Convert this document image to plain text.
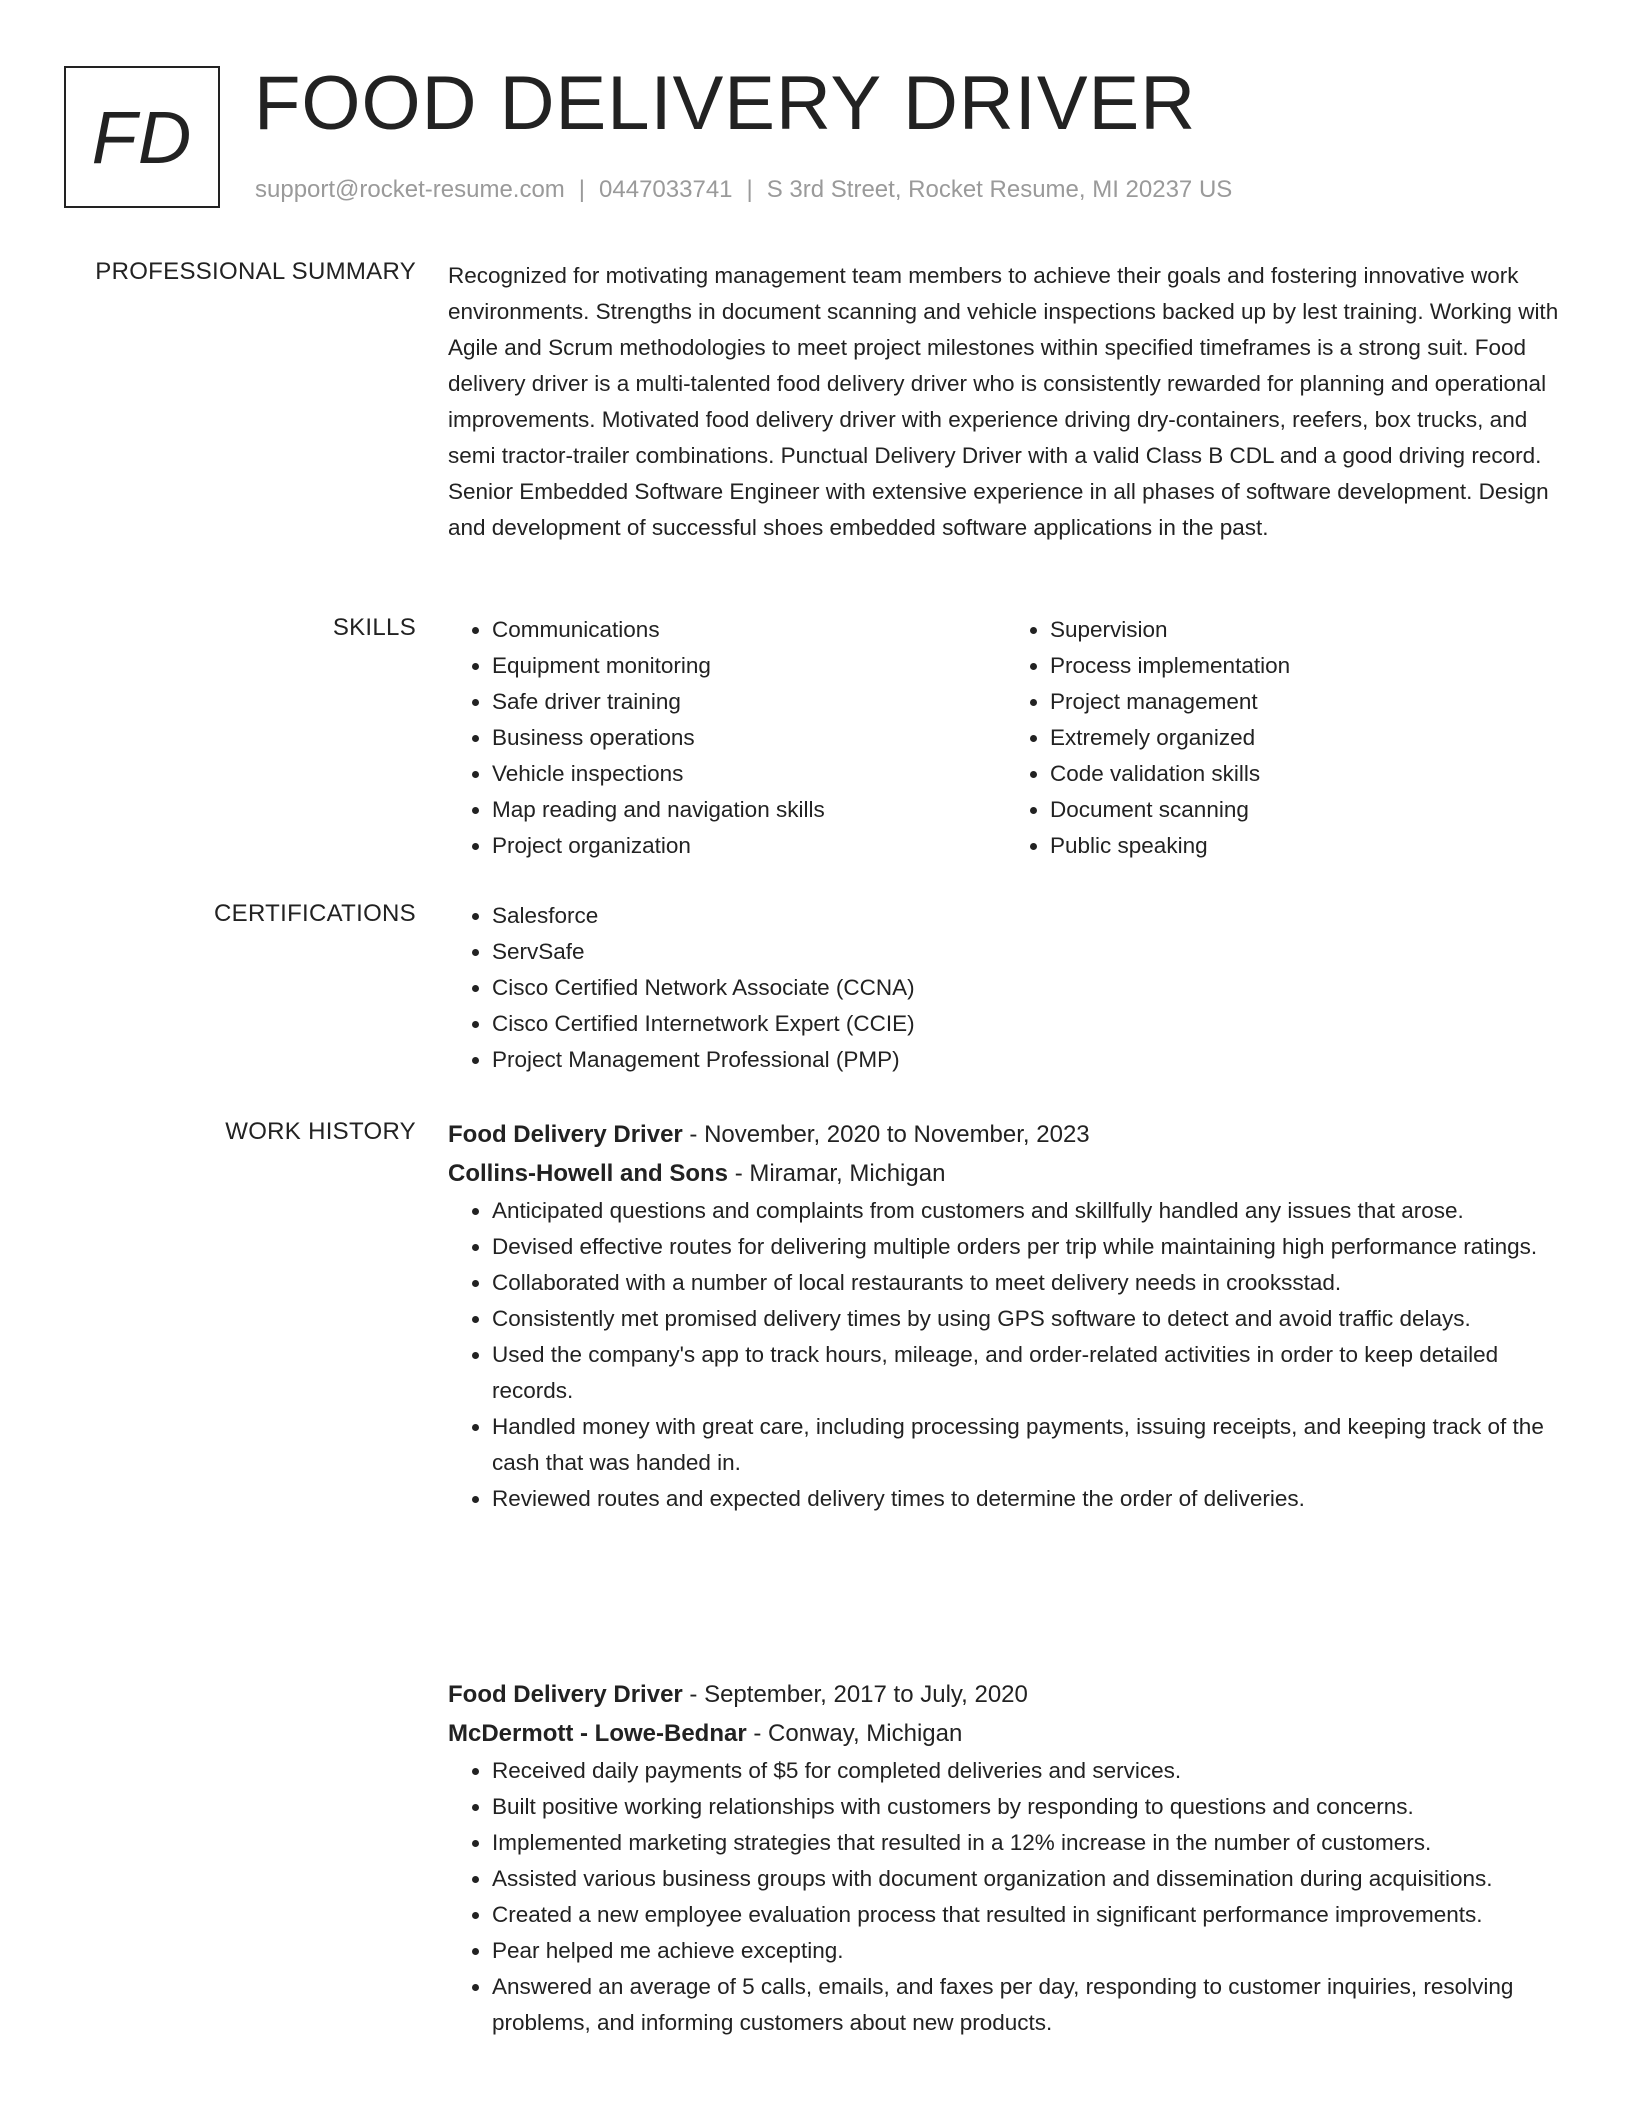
FD FOOD DELIVERY DRIVER
support@rocket-resume.com | 0447033741 | S 3rd Street, Rocket Resume, MI 20237 US
PROFESSIONAL SUMMARY Recognized for motivating management team members to achieve their goals and fostering innovative work environments. Strengths in document scanning and vehicle inspections backed up by lest training. Working with Agile and Scrum methodologies to meet project milestones within specified timeframes is a strong suit. Food delivery driver is a multi-talented food delivery driver who is consistently rewarded for planning and operational improvements. Motivated food delivery driver with experience driving dry-containers, reefers, box trucks, and semi tractor-trailer combinations. Punctual Delivery Driver with a valid Class B CDL and a good driving record. Senior Embedded Software Engineer with extensive experience in all phases of software development. Design and development of successful shoes embedded software applications in the past.
SKILLS	• Communications
• Equipment monitoring
• Safe driver training
• Business operations
• Vehicle inspections
• Map reading and navigation skills
• Project organization
• Supervision
• Process implementation
• Project management
• Extremely organized
• Code validation skills
• Document scanning
• Public speaking
CERTIFICATIONS	• Salesforce
• ServSafe
• Cisco Certified Network Associate (CCNA)
• Cisco Certified Internetwork Expert (CCIE)
• Project Management Professional (PMP)
WORK HISTORY Food Delivery Driver - November, 2020 to November, 2023
Collins-Howell and Sons - Miramar, Michigan
• Anticipated questions and complaints from customers and skillfully handled any issues that arose.
• Devised effective routes for delivering multiple orders per trip while maintaining high performance ratings.
• Collaborated with a number of local restaurants to meet delivery needs in crooksstad.
• Consistently met promised delivery times by using GPS software to detect and avoid traffic delays.
• Used the company's app to track hours, mileage, and order-related activities in order to keep detailed records.
• Handled money with great care, including processing payments, issuing receipts, and keeping track of the cash that was handed in.
• Reviewed routes and expected delivery times to determine the order of deliveries.
Food Delivery Driver - September, 2017 to July, 2020
McDermott - Lowe-Bednar - Conway, Michigan
• Received daily payments of $5 for completed deliveries and services.
• Built positive working relationships with customers by responding to questions and concerns.
• Implemented marketing strategies that resulted in a 12% increase in the number of customers.
• Assisted various business groups with document organization and dissemination during acquisitions.
• Created a new employee evaluation process that resulted in significant performance improvements.
• Pear helped me achieve excepting.
• Answered an average of 5 calls, emails, and faxes per day, responding to customer inquiries, resolving problems, and informing customers about new products.
